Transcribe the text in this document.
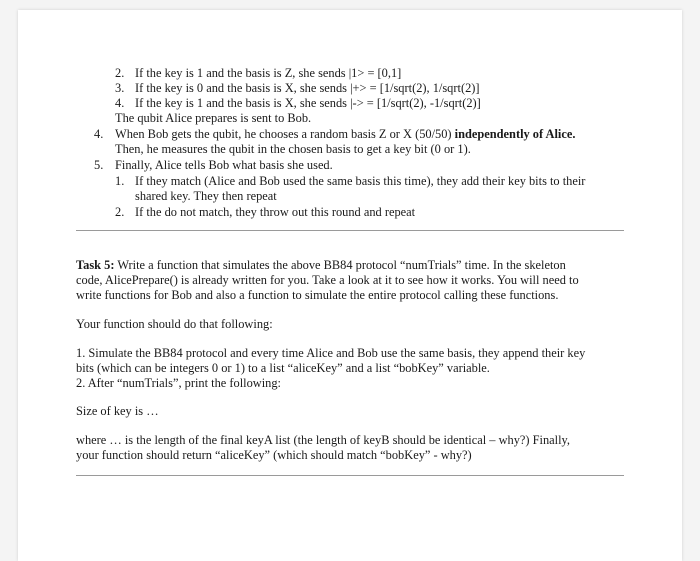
2. If the key is 1 and the basis is Z, she sends |1> = [0,1]
3. If the key is 0 and the basis is X, she sends |+> = [1/sqrt(2), 1/sqrt(2)]
4. If the key is 1 and the basis is X, she sends |-> = [1/sqrt(2), -1/sqrt(2)]
The qubit Alice prepares is sent to Bob.
4. When Bob gets the qubit, he chooses a random basis Z or X (50/50) independently of Alice.
Then, he measures the qubit in the chosen basis to get a key bit (0 or 1).
5. Finally, Alice tells Bob what basis she used.
1. If they match (Alice and Bob used the same basis this time), they add their key bits to their
shared key. They then repeat
2. If the do not match, they throw out this round and repeat
Task 5: Write a function that simulates the above BB84 protocol “numTrials” time. In the skeleton
code, AlicePrepare() is already written for you. Take a look at it to see how it works. You will need to
write functions for Bob and also a function to simulate the entire protocol calling these functions.
Your function should do that following:
1. Simulate the BB84 protocol and every time Alice and Bob use the same basis, they append their key
bits (which can be integers 0 or 1) to a list “aliceKey” and a list “bobKey” variable.
2. After “numTrials”, print the following:
Size of key is …
where … is the length of the final keyA list (the length of keyB should be identical – why?) Finally,
your function should return “aliceKey” (which should match “bobKey” - why?)
